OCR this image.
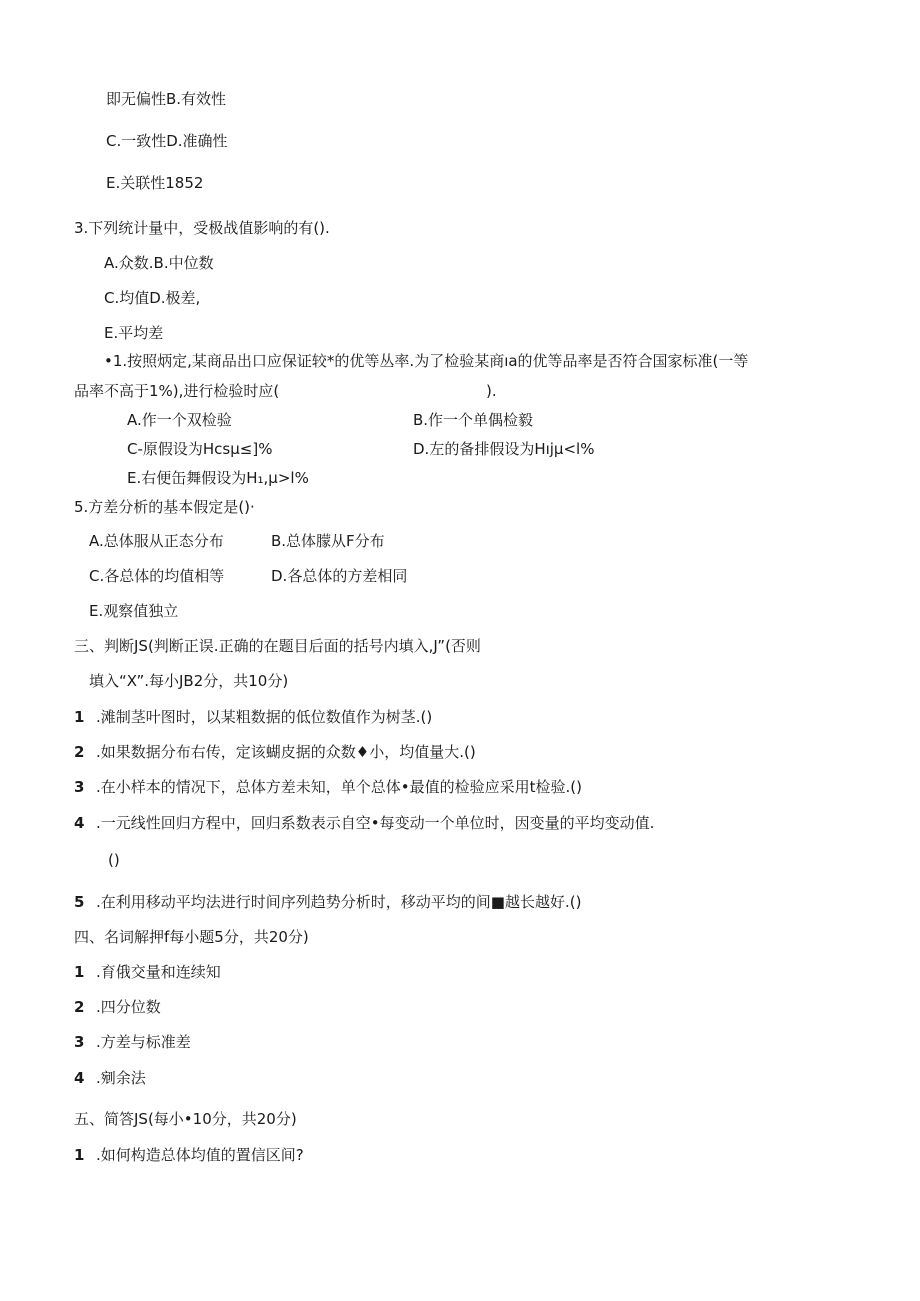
即无偏性B.有效性
C.一致性D.准确性
E.关联性1852
3.下列统计量中，受极战值影响的有().
A.众数.B.中位数
C.均值D.极差,
E.平均差
•1.按照炳定,某商品出口应保证较*的优等丛率.为了检验某商ıa的优等品率是否符合国家标准(一等
品率不高于1%),进行检验时应(	).
A.作一个双检验	B.作一个单偶检毅
C-原假设为Hcsμ≤]%	D.左的备排假设为Hıjμ<l%
E.右便缶舞假设为H₁,μ>l%
5.方差分析的基本假定是()·
A.总体服从正态分布	B.总体朦从F分布
C.各总体的均值相等	D.各总体的方差相同
E.观察值独立
三、判断JS(判断正误.正确的在题目后面的括号内填入,J”(否则
填入“X”.每小JB2分，共10分)
1 .滩制茎叶图时，以某粗数据的低位数值作为树茎.()
2 .如果数据分布右传，定该蝴皮据的众数♦小，均值量大.()
3 .在小样本的情况下，总体方差未知，单个总体•最值的检验应采用t检验.()
4 .一元线性回归方程中，回归系数表示自空•每变动一个单位时，因变量的平均变动值.
()
5 .在利用移动平均法进行时间序列趋势分析时，移动平均的间■越长越好.()
四、名词解押f每小题5分，共20分)
1 .育俄交量和连续知
2 .四分位数
3 .方差与标准差
4 .剜余法
五、简答JS(每小•10分，共20分)
1 .如何构造总体均值的置信区间?
